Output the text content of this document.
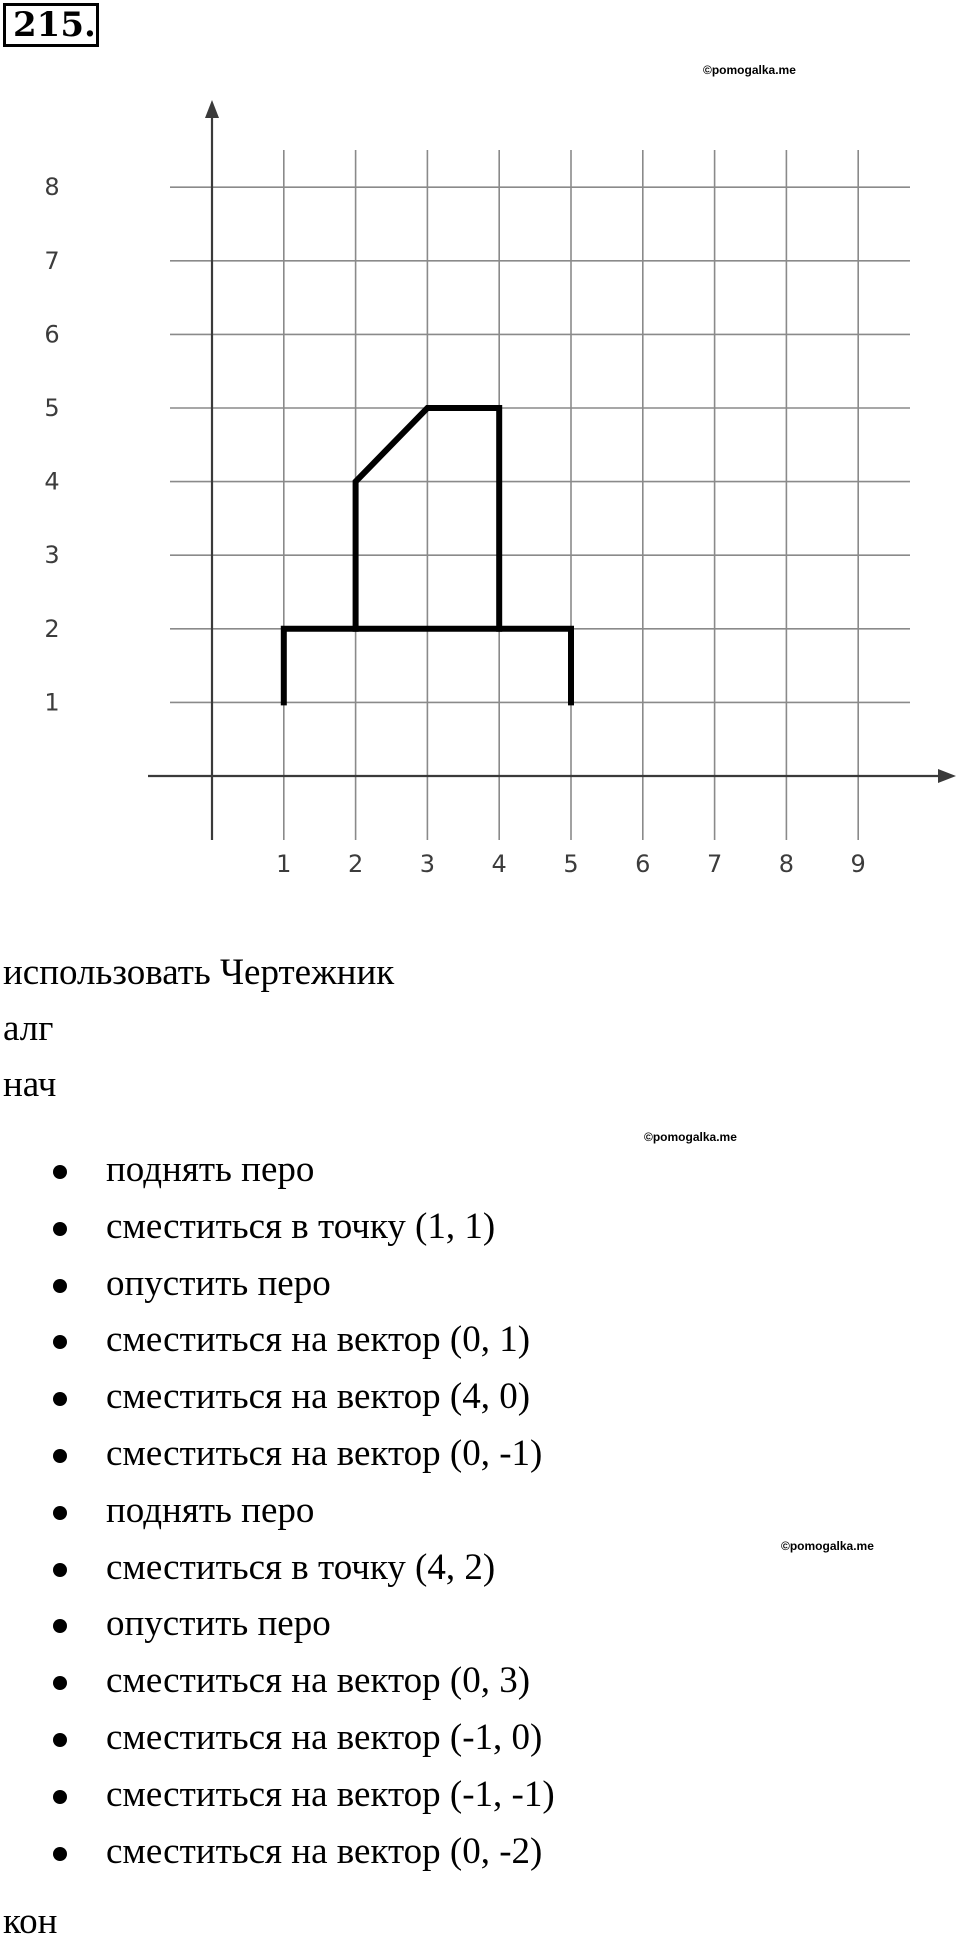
215.
©pomogalka.me
1 2 3 4 5 6 7 8 9
1
2
3
4
5
6
7
8

использовать Чертежник

алг

нач

©pomogalka.me
поднять перо
сместиться в точку (1, 1)
опустить перо
сместиться на вектор (0, 1)
сместиться на вектор (4, 0)
сместиться на вектор (0, -1)
поднять перо
сместиться в точку (4, 2)
опустить перо
сместиться на вектор (0, 3)
сместиться на вектор (-1, 0)
сместиться на вектор (-1, -1)
сместиться на вектор (0, -2)
©pomogalka.me

кон
